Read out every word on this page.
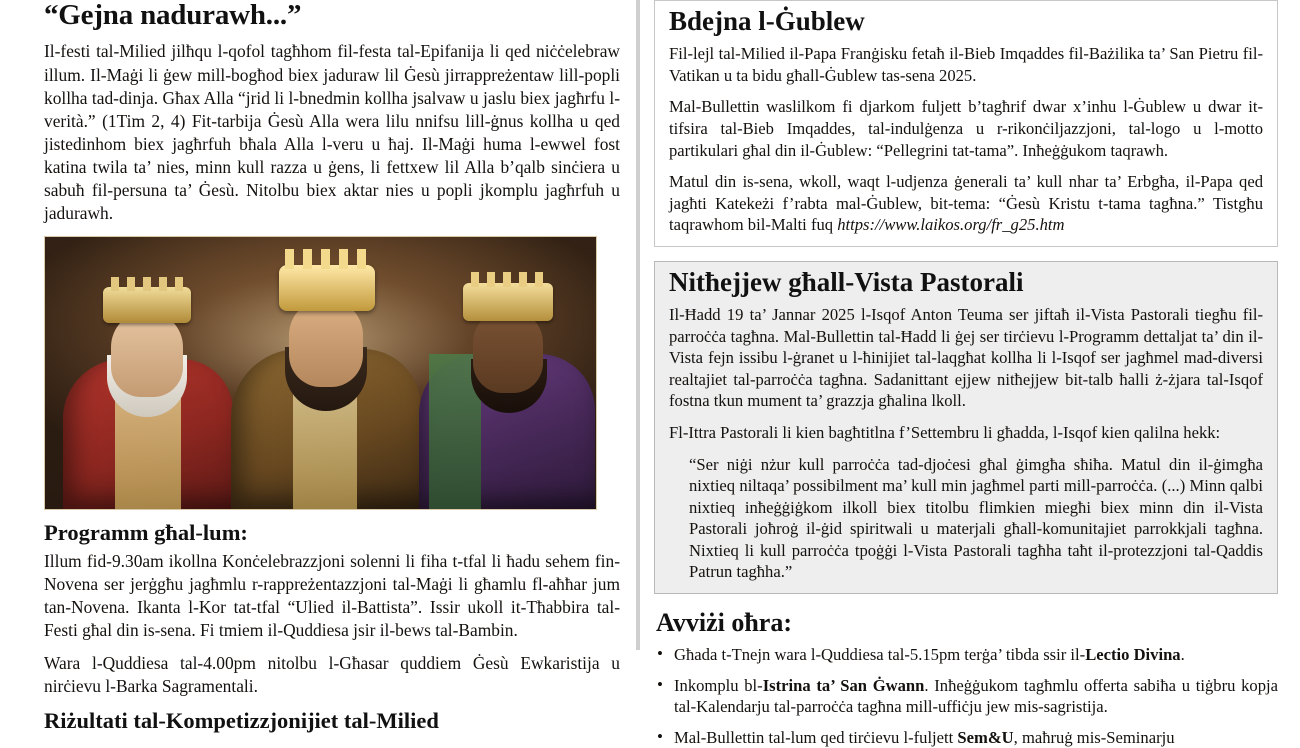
“Gejna nadurawh...”

Il-festi tal-Milied jilħqu l-qofol tagħhom fil-festa tal-Epifanija li qed niċċelebraw illum. Il-Maġi li ġew mill-bogħod biex jaduraw lil Ġesù jirrappreżentaw lill-popli kollha tad-dinja. Għax Alla “jrid li l-bnedmin kollha jsalvaw u jaslu biex jagħrfu l-verità.” (1Tim 2, 4) Fit-tarbija Ġesù Alla wera lilu nnifsu lill-ġnus kollha u qed jistedinhom biex jagħrfuh bħala Alla l-veru u ħaj. Il-Maġi huma l-ewwel fost katina twila ta’ nies, minn kull razza u ġens, li fettxew lil Alla b’qalb sinċiera u sabuħ fil-persuna ta’ Ġesù. Nitolbu biex aktar nies u popli jkomplu jagħrfuh u jadurawh.

Programm għal-lum:

Illum fid-9.30am ikollna Konċelebrazzjoni solenni li fiha t-tfal li ħadu sehem fin-Novena ser jerġgħu jagħmlu r-rappreżentazzjoni tal-Maġi li għamlu fl-aħħar jum tan-Novena. Ikanta l-Kor tat-tfal “Ulied il-Battista”. Issir ukoll it-Tħabbira tal-Festi għal din is-sena. Fi tmiem il-Quddiesa jsir il-bews tal-Bambin.

Wara l-Quddiesa tal-4.00pm nitolbu l-Għasar quddiem Ġesù Ewkaristija u nirċievu l-Barka Sagramentali.

Riżultati tal-Kompetizzjonijiet tal-Milied
Bdejna l-Ġublew

Fil-lejl tal-Milied il-Papa Franġisku fetaħ il-Bieb Imqaddes fil-Bażilika ta’ San Pietru fil-Vatikan u ta bidu għall-Ġublew tas-sena 2025.

Mal-Bullettin waslilkom fi djarkom fuljett b’tagħrif dwar x’inhu l-Ġublew u dwar it-tifsira tal-Bieb Imqaddes, tal-indulġenza u r-rikonċiljazzjoni, tal-logo u l-motto partikulari għal din il-Ġublew: “Pellegrini tat-tama”. Inħeġġukom taqrawh.

Matul din is-sena, wkoll, waqt l-udjenza ġenerali ta’ kull nhar ta’ Erbgħa, il-Papa qed jagħti Katekeżi f’rabta mal-Ġublew, bit-tema: “Ġesù Kristu t-tama tagħna.” Tistgħu taqrawhom bil-Malti fuq https://www.laikos.org/fr_g25.htm

Nitħejjew għall-Vista Pastorali

Il-Ħadd 19 ta’ Jannar 2025 l-Isqof Anton Teuma ser jiftaħ il-Vista Pastorali tiegħu fil-parroċċa tagħna. Mal-Bullettin tal-Ħadd li ġej ser tirċievu l-Programm dettaljat ta’ din il-Vista fejn issibu l-ġranet u l-ħinijiet tal-laqgħat kollha li l-Isqof ser jagħmel mad-diversi realtajiet tal-parroċċa tagħna. Sadanittant ejjew nitħejjew bit-talb ħalli ż-żjara tal-Isqof fostna tkun mument ta’ grazzja għalina lkoll.

Fl-Ittra Pastorali li kien bagħtitlna f’Settembru li għadda, l-Isqof kien qalilna hekk:

“Ser niġi nżur kull parroċċa tad-djoċesi għal ġimgħa sħiħa. Matul din il-ġimgħa nixtieq niltaqa’ possibilment ma’ kull min jagħmel parti mill-parroċċa. (...) Minn qalbi nixtieq inħeġġiġkom ilkoll biex titolbu flimkien miegħi biex minn din il-Vista Pastorali joħroġ il-ġid spiritwali u materjali għall-komunitajiet parrokkjali tagħna. Nixtieq li kull parroċċa tpoġġi l-Vista Pastorali tagħha taħt il-protezzjoni tal-Qaddis Patrun tagħha.”

Avviżi oħra:
• Għada t-Tnejn wara l-Quddiesa tal-5.15pm terġa’ tibda ssir il-Lectio Divina.
• Inkomplu bl-Istrina ta’ San Ġwann. Inħeġġukom tagħmlu offerta sabiħa u tiġbru kopja tal-Kalendarju tal-parroċċa tagħna mill-uffiċju jew mis-sagristija.
• Mal-Bullettin tal-lum qed tirċievu l-fuljett Sem&U, maħruġ mis-Seminarju
